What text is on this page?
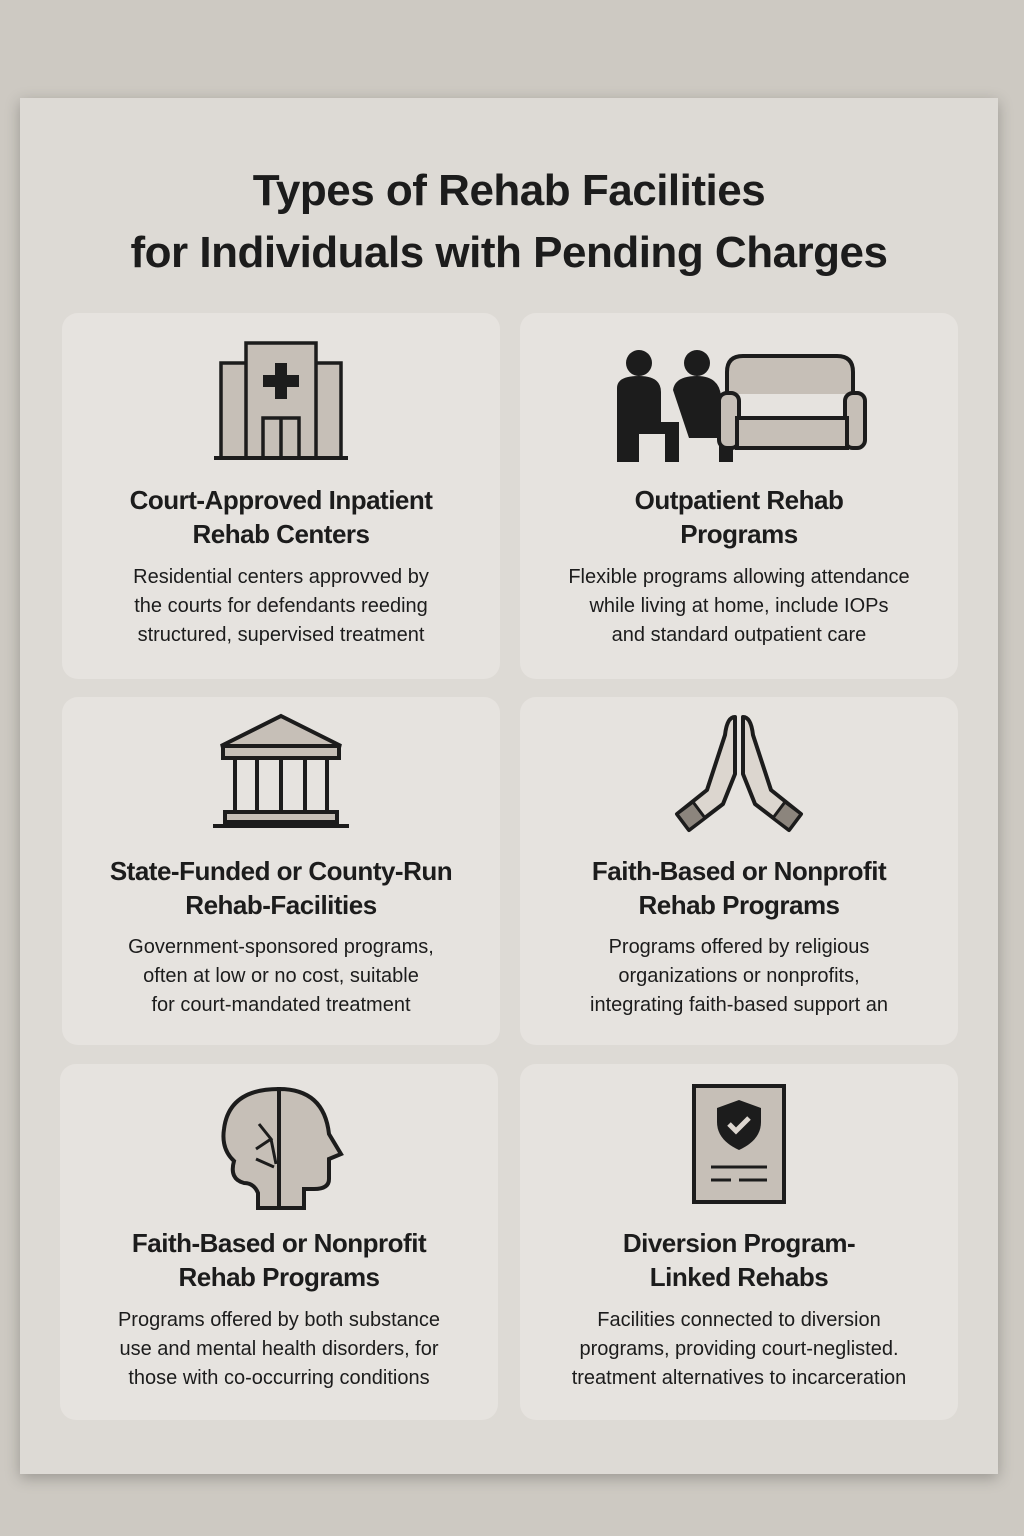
Types of Rehab Facilities
for Individuals with Pending Charges
Court-Approved Inpatient
Rehab Centers

Residential centers approvved by
the courts for defendants reeding
structured, supervised treatment

Outpatient Rehab
Programs

Flexible programs allowing attendance
while living at home, include IOPs
and standard outpatient care

State-Funded or County-Run
Rehab-Facilities

Government-sponsored programs,
often at low or no cost, suitable
for court-mandated treatment

Faith-Based or Nonprofit
Rehab Programs

Programs offered by religious
organizations or nonprofits,
integrating faith-based support an

Faith-Based or Nonprofit
Rehab Programs

Programs offered by both substance
use and mental health disorders, for
those with co-occurring conditions

Diversion Program-
Linked Rehabs

Facilities connected to diversion
programs, providing court-neglisted.
treatment alternatives to incarceration
